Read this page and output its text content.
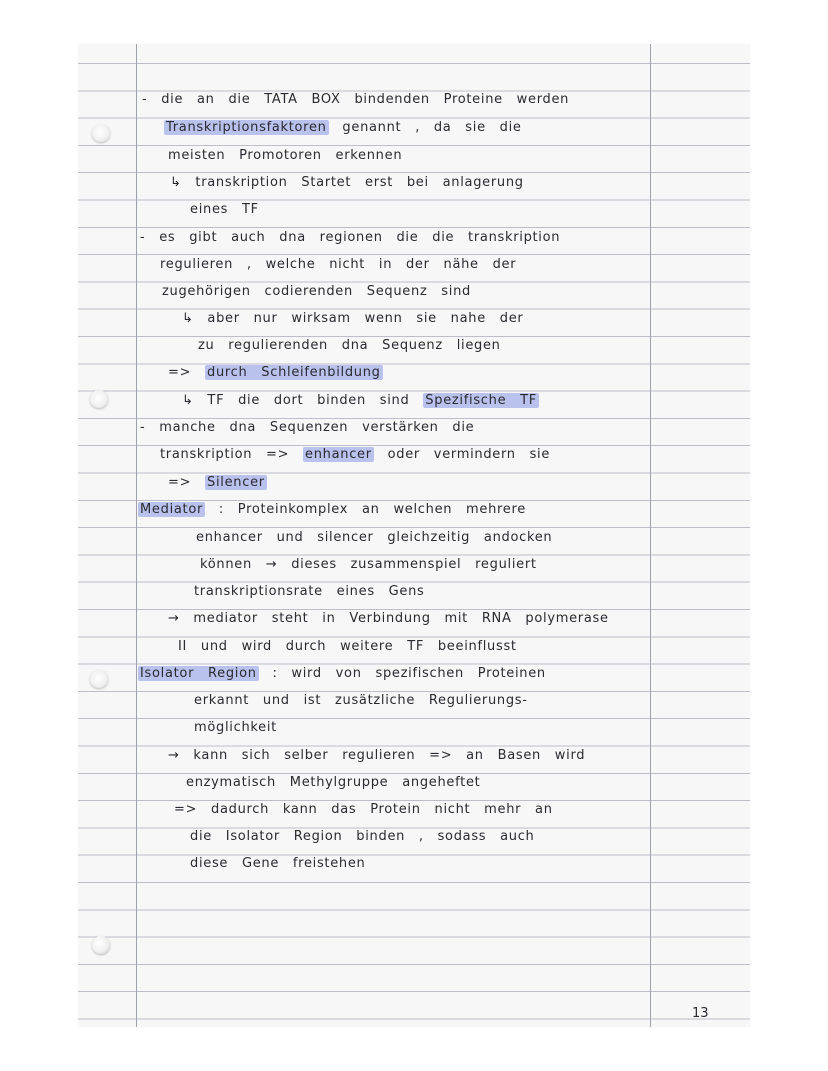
- die an die TATA BOX bindenden Proteine werden
Transkriptionsfaktoren genannt , da sie die
meisten Promotoren erkennen
↳ transkription Startet erst bei anlagerung
eines TF
- es gibt auch dna regionen die die transkription
regulieren , welche nicht in der nähe der
zugehörigen codierenden Sequenz sind
↳ aber nur wirksam wenn sie nahe der
zu regulierenden dna Sequenz liegen
=> durch Schleifenbildung
↳ TF die dort binden sind Spezifische TF
- manche dna Sequenzen verstärken die
transkription => enhancer oder vermindern sie
=> Silencer
Mediator : Proteinkomplex an welchen mehrere
enhancer und silencer gleichzeitig andocken
können → dieses zusammenspiel reguliert
transkriptionsrate eines Gens
→ mediator steht in Verbindung mit RNA polymerase
II und wird durch weitere TF beeinflusst
Isolator Region : wird von spezifischen Proteinen
erkannt und ist zusätzliche Regulierungs-
möglichkeit
→ kann sich selber regulieren => an Basen wird
enzymatisch Methylgruppe angeheftet
=> dadurch kann das Protein nicht mehr an
die Isolator Region binden , sodass auch
diese Gene freistehen
13
